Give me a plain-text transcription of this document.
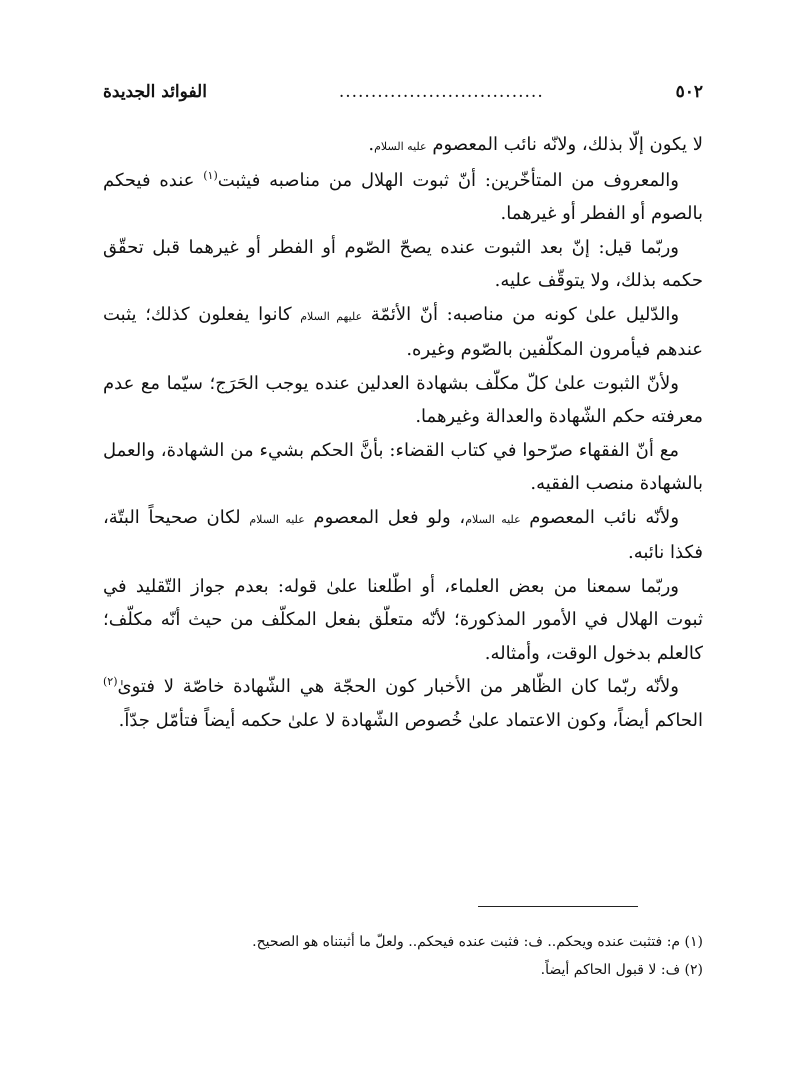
٥٠٢
................................
الفوائد الجديدة

لا يكون إلّا بذلك، ولانّه نائب المعصوم علیه السلام.

والمعروف من المتأخّرين: أنّ ثبوت الهلال من مناصبه فيثبت$^{(١)}$ عنده فيحكم بالصوم أو الفطر أو غيرهما.

وربّما قيل: إنّ بعد الثبوت عنده يصحّ الصّوم أو الفطر أو غيرهما قبل تحقّق حكمه بذلك، ولا يتوقّف عليه.

والدّليل علىٰ كونه من مناصبه: أنّ الأئمّة علیهم السلام كانوا يفعلون كذلك؛ يثبت عندهم فيأمرون المكلّفين بالصّوم وغيره.

ولأنّ الثبوت علىٰ كلّ مكلّف بشهادة العدلين عنده يوجب الحَرَج؛ سيّما مع عدم معرفته حكم الشّهادة والعدالة وغيرهما.

مع أنّ الفقهاء صرّحوا في كتاب القضاء: بأنَّ الحكم بشيء من الشهادة، والعمل بالشهادة منصب الفقيه.

ولأنّه نائب المعصوم علیه السلام، ولو فعل المعصوم علیه السلام لكان صحيحاً البتّة، فكذا نائبه.

وربّما سمعنا من بعض العلماء، أو اطّلعنا علىٰ قوله: بعدم جواز التّقليد في ثبوت الهلال في الأمور المذكورة؛ لأنّه متعلّق بفعل المكلّف من حيث أنّه مكلّف؛ كالعلم بدخول الوقت، وأمثاله.

ولأنّه ربّما كان الظّاهر من الأخبار كون الحجّة هي الشّهادة خاصّة لا فتوىٰ$^{(٢)}$ الحاكم أيضاً، وكون الاعتماد علىٰ خُصوص الشّهادة لا علىٰ حكمه أيضاً فتأمّل جدّاً.

(١) م: فتثبت عنده ويحكم.. ف: فثبت عنده فيحكم.. ولعلّ ما أثبتناه هو الصحيح.

(٢) ف: لا قبول الحاكم أيضاً.
